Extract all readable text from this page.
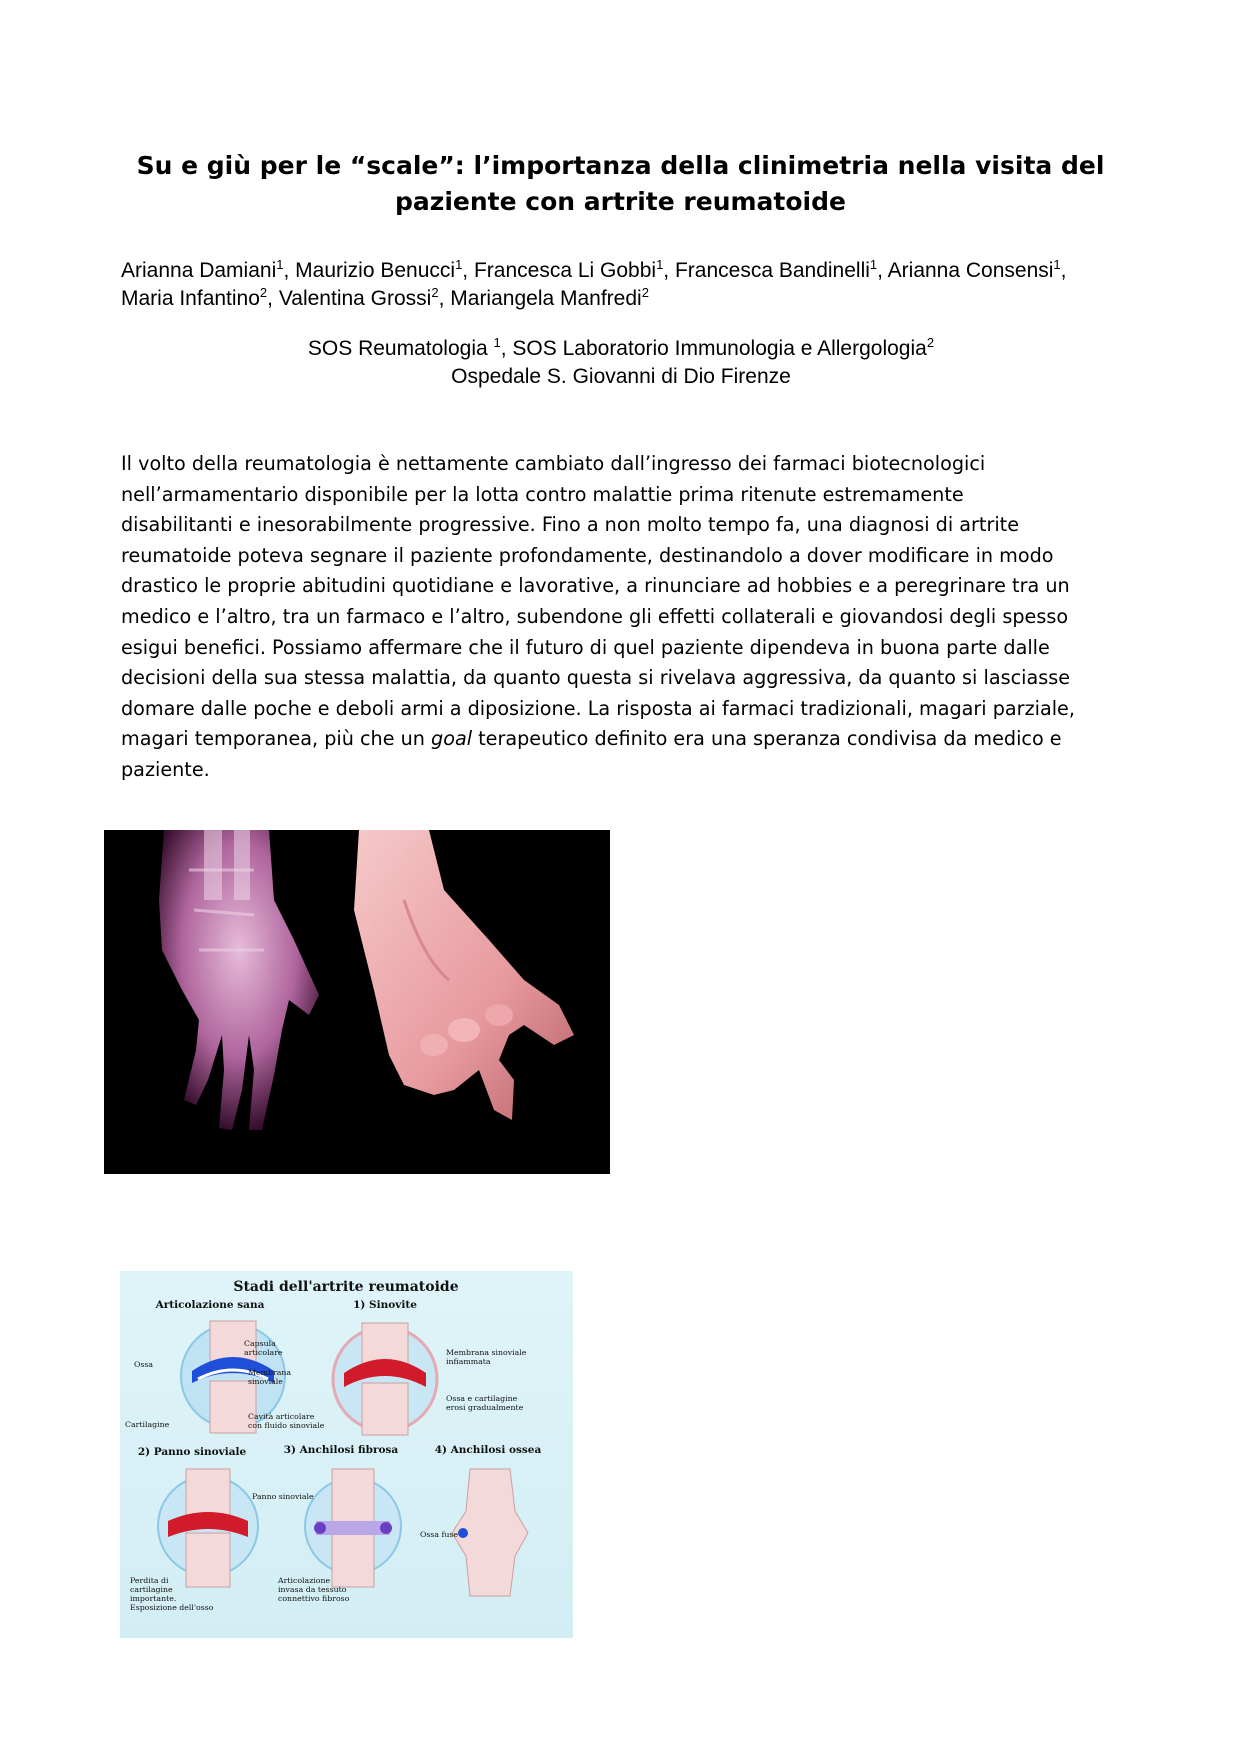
Su e giù per le “scale”: l’importanza della clinimetria nella visita del paziente con artrite reumatoide
Arianna Damiani$^1$, Maurizio Benucci$^1$, Francesca Li Gobbi$^1$, Francesca Bandinelli$^1$, Arianna Consensi$^1$, Maria Infantino$^2$, Valentina Grossi$^2$, Mariangela Manfredi$^2$
SOS Reumatologia $^1$, SOS Laboratorio Immunologia e Allergologia$^2$
Ospedale S. Giovanni di Dio Firenze
Il volto della reumatologia è nettamente cambiato dall’ingresso dei farmaci biotecnologici
nell’armamentario disponibile per la lotta contro malattie prima ritenute estremamente
disabilitanti e inesorabilmente progressive. Fino a non molto tempo fa, una diagnosi di artrite
reumatoide poteva segnare il paziente profondamente, destinandolo a dover modificare in modo
drastico le proprie abitudini quotidiane e lavorative, a rinunciare ad hobbies e a peregrinare tra un
medico e l’altro, tra un farmaco e l’altro, subendone gli effetti collaterali e giovandosi degli spesso
esigui benefici. Possiamo affermare che il futuro di quel paziente dipendeva in buona parte dalle
decisioni della sua stessa malattia, da quanto questa si rivelava aggressiva, da quanto si lasciasse
domare dalle poche e deboli armi a diposizione. La risposta ai farmaci tradizionali, magari parziale,
magari temporanea, più che un goal terapeutico definito era una speranza condivisa da medico e
paziente.
Stadi dell'artrite reumatoide
Articolazione sana	1) Sinovite
Capsula
articolare
Ossa
Membrana
sinoviale
Cartilagine
Cavità articolare
con fluido sinoviale
Membrana sinoviale
infiammata
Ossa e cartilagine
erosi gradualmente
2) Panno sinoviale	3) Anchilosi fibrosa	4) Anchilosi ossea
Panno sinoviale
Ossa fuse
Perdita di
cartilagine
importante.
Esposizione dell'osso
Articolazione
invasa da tessuto
connettivo fibroso
